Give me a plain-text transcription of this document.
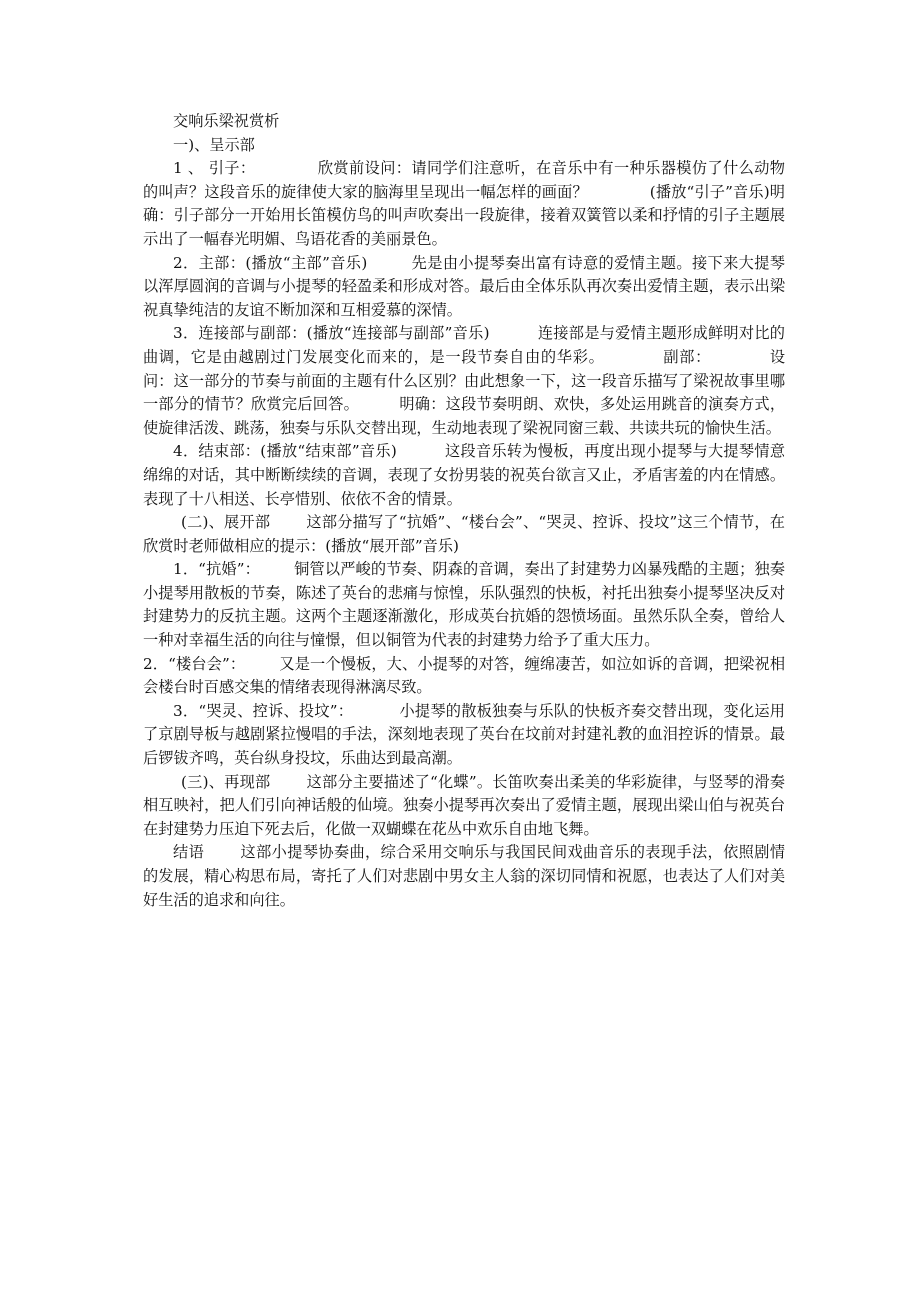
交响乐梁祝赏析

一)、呈示部

1 、 引子：	欣赏前设问：请同学们注意听，在音乐中有一种乐器模仿了什么动物的叫声？这段音乐的旋律使大家的脑海里呈现出一幅怎样的画面？	(播放“引子”音乐)明确：引子部分一开始用长笛模仿鸟的叫声吹奏出一段旋律，接着双簧管以柔和抒情的引子主题展示出了一幅春光明媚、鸟语花香的美丽景色。

2．主部：(播放“主部”音乐)	先是由小提琴奏出富有诗意的爱情主题。接下来大提琴以浑厚圆润的音调与小提琴的轻盈柔和形成对答。最后由全体乐队再次奏出爱情主题，表示出梁祝真挚纯洁的友谊不断加深和互相爱慕的深情。

3．连接部与副部：(播放“连接部与副部”音乐)	连接部是与爱情主题形成鲜明对比的曲调，它是由越剧过门发展变化而来的，是一段节奏自由的华彩。	副部：	设问：这一部分的节奏与前面的主题有什么区别？由此想象一下，这一段音乐描写了梁祝故事里哪一部分的情节？欣赏完后回答。	明确：这段节奏明朗、欢快，多处运用跳音的演奏方式，使旋律活泼、跳荡，独奏与乐队交替出现，生动地表现了梁祝同窗三载、共读共玩的愉快生活。

4．结束部：(播放“结束部”音乐)	这段音乐转为慢板，再度出现小提琴与大提琴情意绵绵的对话，其中断断续续的音调，表现了女扮男装的祝英台欲言又止，矛盾害羞的内在情感。表现了十八相送、长亭惜别、依依不舍的情景。

(二)、展开部 这部分描写了“抗婚”、“楼台会”、“哭灵、控诉、投坟”这三个情节，在欣赏时老师做相应的提示：(播放“展开部”音乐)

1．“抗婚”： 铜管以严峻的节奏、阴森的音调，奏出了封建势力凶暴残酷的主题；独奏小提琴用散板的节奏，陈述了英台的悲痛与惊惶，乐队强烈的快板，衬托出独奏小提琴坚决反对封建势力的反抗主题。这两个主题逐渐激化，形成英台抗婚的怨愤场面。虽然乐队全奏，曾给人一种对幸福生活的向往与憧憬，但以铜管为代表的封建势力给予了重大压力。

2．“楼台会”： 又是一个慢板，大、小提琴的对答，缠绵凄苦，如泣如诉的音调，把梁祝相会楼台时百感交集的情绪表现得淋漓尽致。

3．“哭灵、控诉、投坟”：	小提琴的散板独奏与乐队的快板齐奏交替出现，变化运用了京剧导板与越剧紧拉慢唱的手法，深刻地表现了英台在坟前对封建礼教的血泪控诉的情景。最后锣钹齐鸣，英台纵身投坟，乐曲达到最高潮。

(三)、再现部 这部分主要描述了“化蝶”。长笛吹奏出柔美的华彩旋律，与竖琴的滑奏相互映衬，把人们引向神话般的仙境。独奏小提琴再次奏出了爱情主题，展现出梁山伯与祝英台在封建势力压迫下死去后，化做一双蝴蝶在花丛中欢乐自由地飞舞。

结语 这部小提琴协奏曲，综合采用交响乐与我国民间戏曲音乐的表现手法，依照剧情的发展，精心构思布局，寄托了人们对悲剧中男女主人翁的深切同情和祝愿，也表达了人们对美好生活的追求和向往。
